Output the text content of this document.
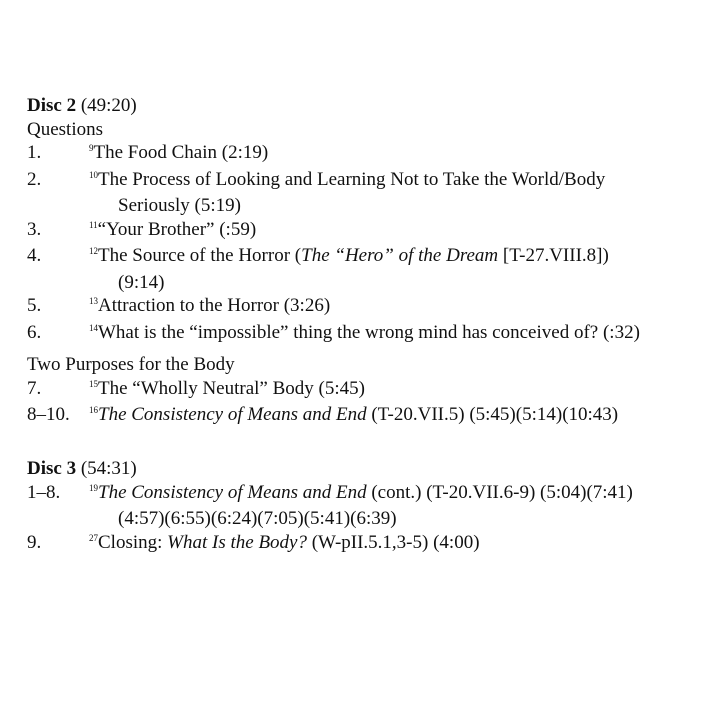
Disc 2 (49:20)
Questions
1.	$^9$The Food Chain (2:19)
2.	$^{10}$The Process of Looking and Learning Not to Take the World/Body
Seriously (5:19)
3.	$^{11}$“Your Brother” (:59)
4.	$^{12}$The Source of the Horror (The “Hero” of the Dream [T-27.VIII.8])
(9:14)
5.	$^{13}$Attraction to the Horror (3:26)
6.	$^{14}$What is the “impossible” thing the wrong mind has conceived of? (:32)
Two Purposes for the Body
7.	$^{15}$The “Wholly Neutral” Body (5:45)
8–10.	$^{16}$The Consistency of Means and End (T-20.VII.5) (5:45)(5:14)(10:43)
Disc 3 (54:31)
1–8.	$^{19}$The Consistency of Means and End (cont.) (T-20.VII.6-9) (5:04)(7:41)
(4:57)(6:55)(6:24)(7:05)(5:41)(6:39)
9.	$^{27}$Closing: What Is the Body? (W-pII.5.1,3-5) (4:00)
